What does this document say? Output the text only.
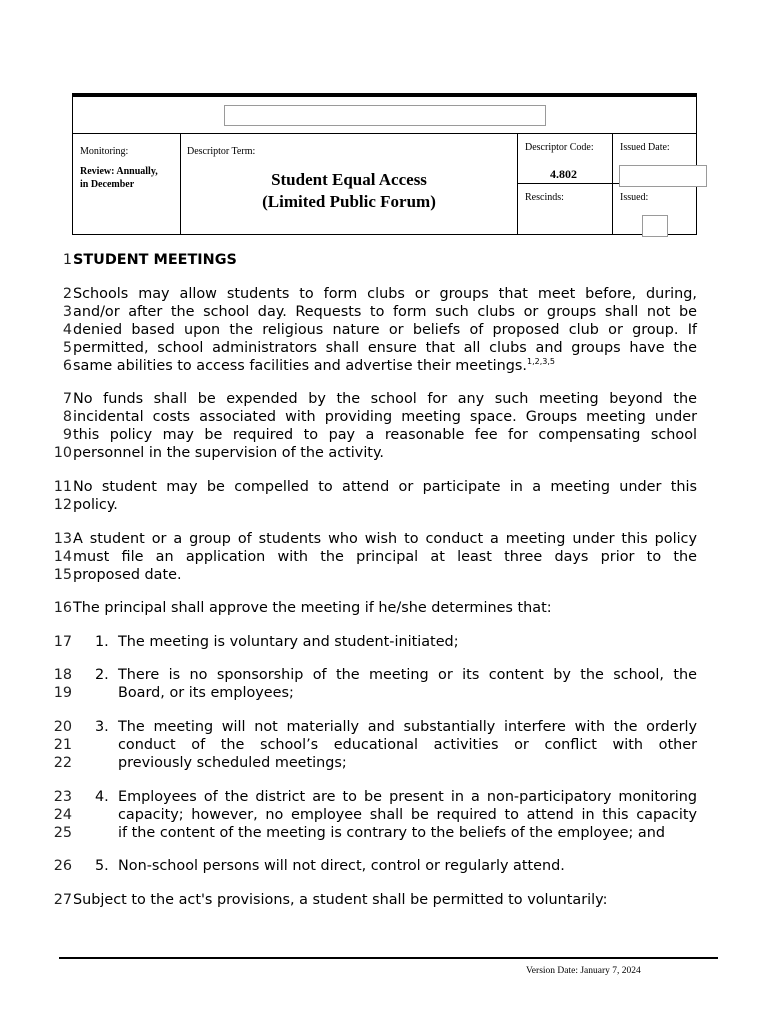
Monitoring:
Review: Annually,
in December
Descriptor Term:
Student Equal Access
(Limited Public Forum)
Descriptor Code:
4.802
Rescinds:
Issued Date:
Issued:
1
2
3
4
5
6
7
8
9
10
11
12
13
14
15
16
17
18
19
20
21
22
23
24
25
26
27
STUDENT MEETINGS
Schools may allow students to form clubs or groups that meet before, during,
and/or after the school day. Requests to form such clubs or groups shall not be
denied based upon the religious nature or beliefs of proposed club or group. If
permitted, school administrators shall ensure that all clubs and groups have the
same abilities to access facilities and advertise their meetings.$^{1,2,3,5}$
No funds shall be expended by the school for any such meeting beyond the
incidental costs associated with providing meeting space. Groups meeting under
this policy may be required to pay a reasonable fee for compensating school
personnel in the supervision of the activity.
No student may be compelled to attend or participate in a meeting under this
policy.
A student or a group of students who wish to conduct a meeting under this policy
must file an application with the principal at least three days prior to the
proposed date.
The principal shall approve the meeting if he/she determines that:
1. The meeting is voluntary and student-initiated;
2. There is no sponsorship of the meeting or its content by the school, the
Board, or its employees;
3. The meeting will not materially and substantially interfere with the orderly
conduct of the school’s educational activities or conflict with other
previously scheduled meetings;
4. Employees of the district are to be present in a non-participatory monitoring
capacity; however, no employee shall be required to attend in this capacity
if the content of the meeting is contrary to the beliefs of the employee; and
5. Non-school persons will not direct, control or regularly attend.
Subject to the act's provisions, a student shall be permitted to voluntarily:
Version Date: January 7, 2024
